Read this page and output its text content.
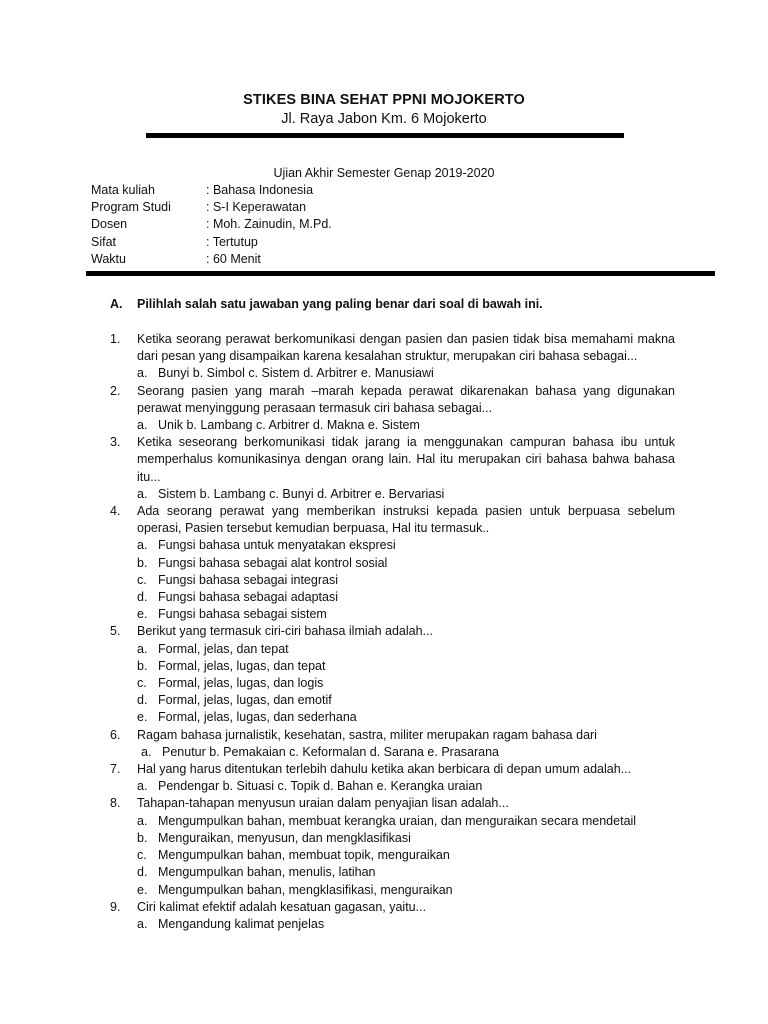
STIKES BINA SEHAT PPNI MOJOKERTO
Jl. Raya Jabon Km. 6 Mojokerto
Ujian Akhir Semester Genap 2019-2020
Mata kuliah	: Bahasa Indonesia
Program Studi	: S-I Keperawatan
Dosen	: Moh. Zainudin, M.Pd.
Sifat	: Tertutup
Waktu	: 60 Menit
A. Pilihlah salah satu jawaban yang paling benar dari soal di bawah ini.
1. Ketika seorang perawat berkomunikasi dengan pasien dan pasien tidak bisa memahami makna dari pesan yang disampaikan karena kesalahan struktur, merupakan ciri bahasa sebagai...
a. Bunyi b. Simbol c. Sistem d. Arbitrer e. Manusiawi
2. Seorang pasien yang marah –marah kepada perawat dikarenakan bahasa yang digunakan perawat menyinggung perasaan termasuk ciri bahasa sebagai...
a. Unik b. Lambang c. Arbitrer d. Makna e. Sistem
3. Ketika seseorang berkomunikasi tidak jarang ia menggunakan campuran bahasa ibu untuk memperhalus komunikasinya dengan orang lain. Hal itu merupakan ciri bahasa bahwa bahasa itu...
a. Sistem b. Lambang c. Bunyi d. Arbitrer e. Bervariasi
4. Ada seorang perawat yang memberikan instruksi kepada pasien untuk berpuasa sebelum operasi, Pasien tersebut kemudian berpuasa, Hal itu termasuk..
a. Fungsi bahasa untuk menyatakan ekspresi
b. Fungsi bahasa sebagai alat kontrol sosial
c. Fungsi bahasa sebagai integrasi
d. Fungsi bahasa sebagai adaptasi
e. Fungsi bahasa sebagai sistem
5. Berikut yang termasuk ciri-ciri bahasa ilmiah adalah...
a. Formal, jelas, dan tepat
b. Formal, jelas, lugas, dan tepat
c. Formal, jelas, lugas, dan logis
d. Formal, jelas, lugas, dan emotif
e. Formal, jelas, lugas, dan sederhana
6. Ragam bahasa jurnalistik, kesehatan, sastra, militer merupakan ragam bahasa dari
a. Penutur b. Pemakaian c. Keformalan d. Sarana e. Prasarana
7. Hal yang harus ditentukan terlebih dahulu ketika akan berbicara di depan umum adalah...
a. Pendengar b. Situasi c. Topik d. Bahan e. Kerangka uraian
8. Tahapan-tahapan menyusun uraian dalam penyajian lisan adalah...
a. Mengumpulkan bahan, membuat kerangka uraian, dan menguraikan secara mendetail
b. Menguraikan, menyusun, dan mengklasifikasi
c. Mengumpulkan bahan, membuat topik, menguraikan
d. Mengumpulkan bahan, menulis, latihan
e. Mengumpulkan bahan, mengklasifikasi, menguraikan
9. Ciri kalimat efektif adalah kesatuan gagasan, yaitu...
a. Mengandung kalimat penjelas
